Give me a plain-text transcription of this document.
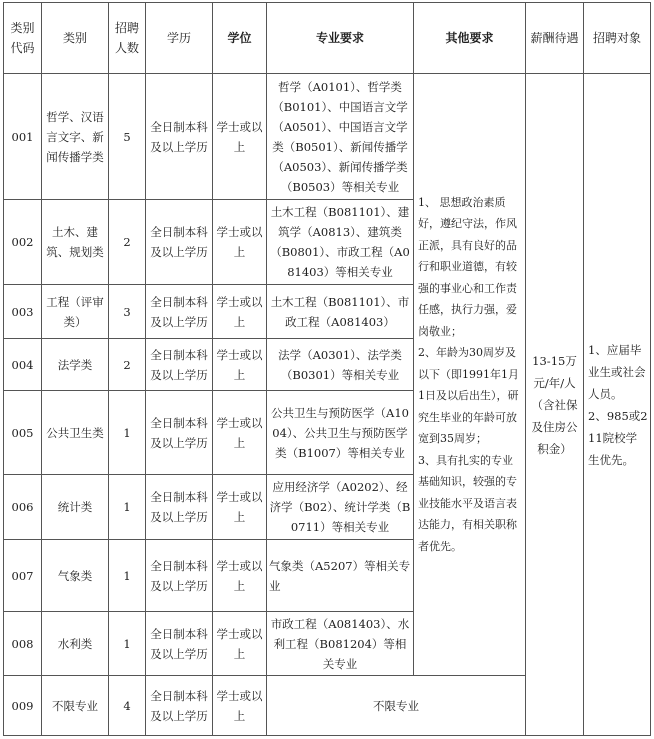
类别代码	类别	招聘人数	学历	学位	专业要求	其他要求	薪酬待遇	招聘对象
001	哲学、汉语言文字、新闻传播学类	5	全日制本科及以上学历	学士或以上	哲学（A0101）、哲学类（B0101）、中国语言文学（A0501）、中国语言文学类（B0501）、新闻传播学（A0503）、新闻传播学类（B0503）等相关专业	1、 思想政治素质好，遵纪守法，作风正派，具有良好的品行和职业道德，有较强的事业心和工作责任感，执行力强，爱岗敬业；
2、年龄为30周岁及以下（即1991年1月1日及以后出生），研究生毕业的年龄可放宽到35周岁；
3、具有扎实的专业基础知识，较强的专业技能水平及语言表达能力，有相关职称者优先。	13-15万元/年/人（含社保及住房公积金）	1、应届毕业生或社会人员。
2、985或211院校学生优先。

002	土木、建筑、规划类	2	全日制本科及以上学历	学士或以上	土木工程（B081101）、建筑学（A0813）、建筑类（B0801）、市政工程（A081403）等相关专业			
003	工程（评审类）	3	全日制本科及以上学历	学士或以上	土木工程（B081101）、市政工程（A081403）			
004	法学类	2	全日制本科及以上学历	学士或以上	法学（A0301）、法学类（B0301）等相关专业			
005	公共卫生类	1	全日制本科及以上学历	学士或以上	公共卫生与预防医学（A1004）、公共卫生与预防医学类（B1007）等相关专业			
006	统计类	1	全日制本科及以上学历	学士或以上	应用经济学（A0202）、经济学（B02）、统计学类（B0711）等相关专业			
007	气象类	1	全日制本科及以上学历	学士或以上	气象类（A5207）等相关专业			
008	水利类	1	全日制本科及以上学历	学士或以上	市政工程（A081403）、水利工程（B081204）等相关专业			
009	不限专业	4	全日制本科及以上学历	学士或以上	不限专业			
